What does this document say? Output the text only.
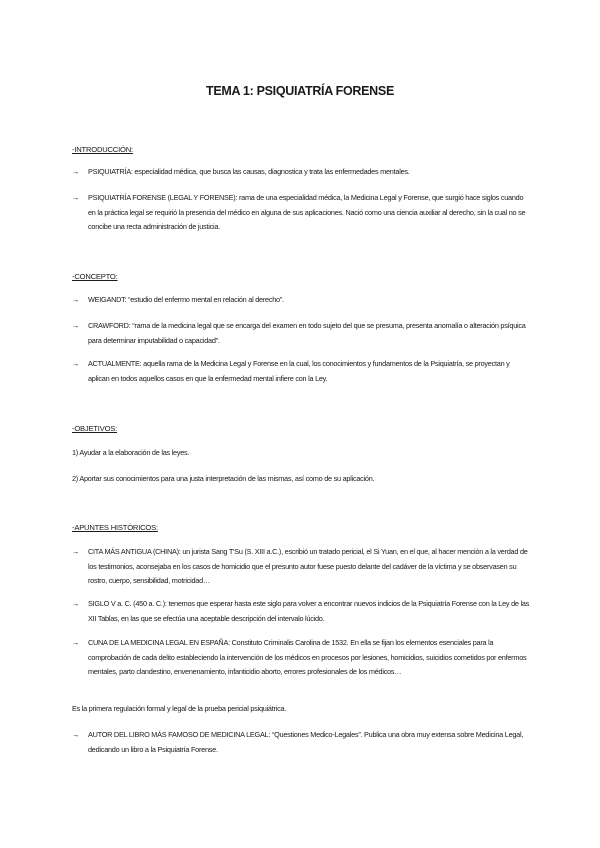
TEMA 1: PSIQUIATRÍA FORENSE
-INTRODUCCIÓN:
→ PSIQUIATRÍA: especialidad médica, que busca las causas, diagnostica y trata las enfermedades mentales.
→ PSIQUIATRÍA FORENSE (LEGAL Y FORENSE): rama de una especialidad médica, la Medicina Legal y Forense, que surgió hace siglos cuando en la práctica legal se requirió la presencia del médico en alguna de sus aplicaciones. Nació como una ciencia auxiliar al derecho, sin la cual no se concibe una recta administración de justicia.
-CONCEPTO:
→ WEIGANDT: “estudio del enfermo mental en relación al derecho”.
→ CRAWFORD: “rama de la medicina legal que se encarga del examen en todo sujeto del que se presuma, presenta anomalía o alteración psíquica para determinar imputabilidad o capacidad”.
→ ACTUALMENTE: aquella rama de la Medicina Legal y Forense en la cual, los conocimientos y fundamentos de la Psiquiatría, se proyectan y aplican en todos aquellos casos en que la enfermedad mental infiere con la Ley.
-OBJETIVOS:
1) Ayudar a la elaboración de las leyes.
2) Aportar sus conocimientos para una justa interpretación de las mismas, así como de su aplicación.
-APUNTES HISTÓRICOS:
→ CITA MÁS ANTIGUA (CHINA): un jurista Sang T'Su (S. XIII a.C.), escribió un tratado pericial, el Si Yuan, en el que, al hacer mención a la verdad de los testimonios, aconsejaba en los casos de homicidio que el presunto autor fuese puesto delante del cadáver de la víctima y se observasen su rostro, cuerpo, sensibilidad, motricidad…
→ SIGLO V a. C. (450 a. C.): tenemos que esperar hasta este siglo para volver a encontrar nuevos indicios de la Psiquiatría Forense con la Ley de las XII Tablas, en las que se efectúa una aceptable descripción del intervalo lúcido.
→ CUNA DE LA MEDICINA LEGAL EN ESPAÑA: Constituto Criminalis Carolina de 1532. En ella se fijan los elementos esenciales para la comprobación de cada delito estableciendo la intervención de los médicos en procesos por lesiones, homicidios, suicidios cometidos por enfermos mentales, parto clandestino, envenenamiento, infanticidio aborto, errores profesionales de los médicos…
Es la primera regulación formal y legal de la prueba pericial psiquiátrica.
→ AUTOR DEL LIBRO MÁS FAMOSO DE MEDICINA LEGAL: “Questiones Medico-Legales”. Publica una obra muy extensa sobre Medicina Legal, dedicando un libro a la Psiquiatría Forense.
